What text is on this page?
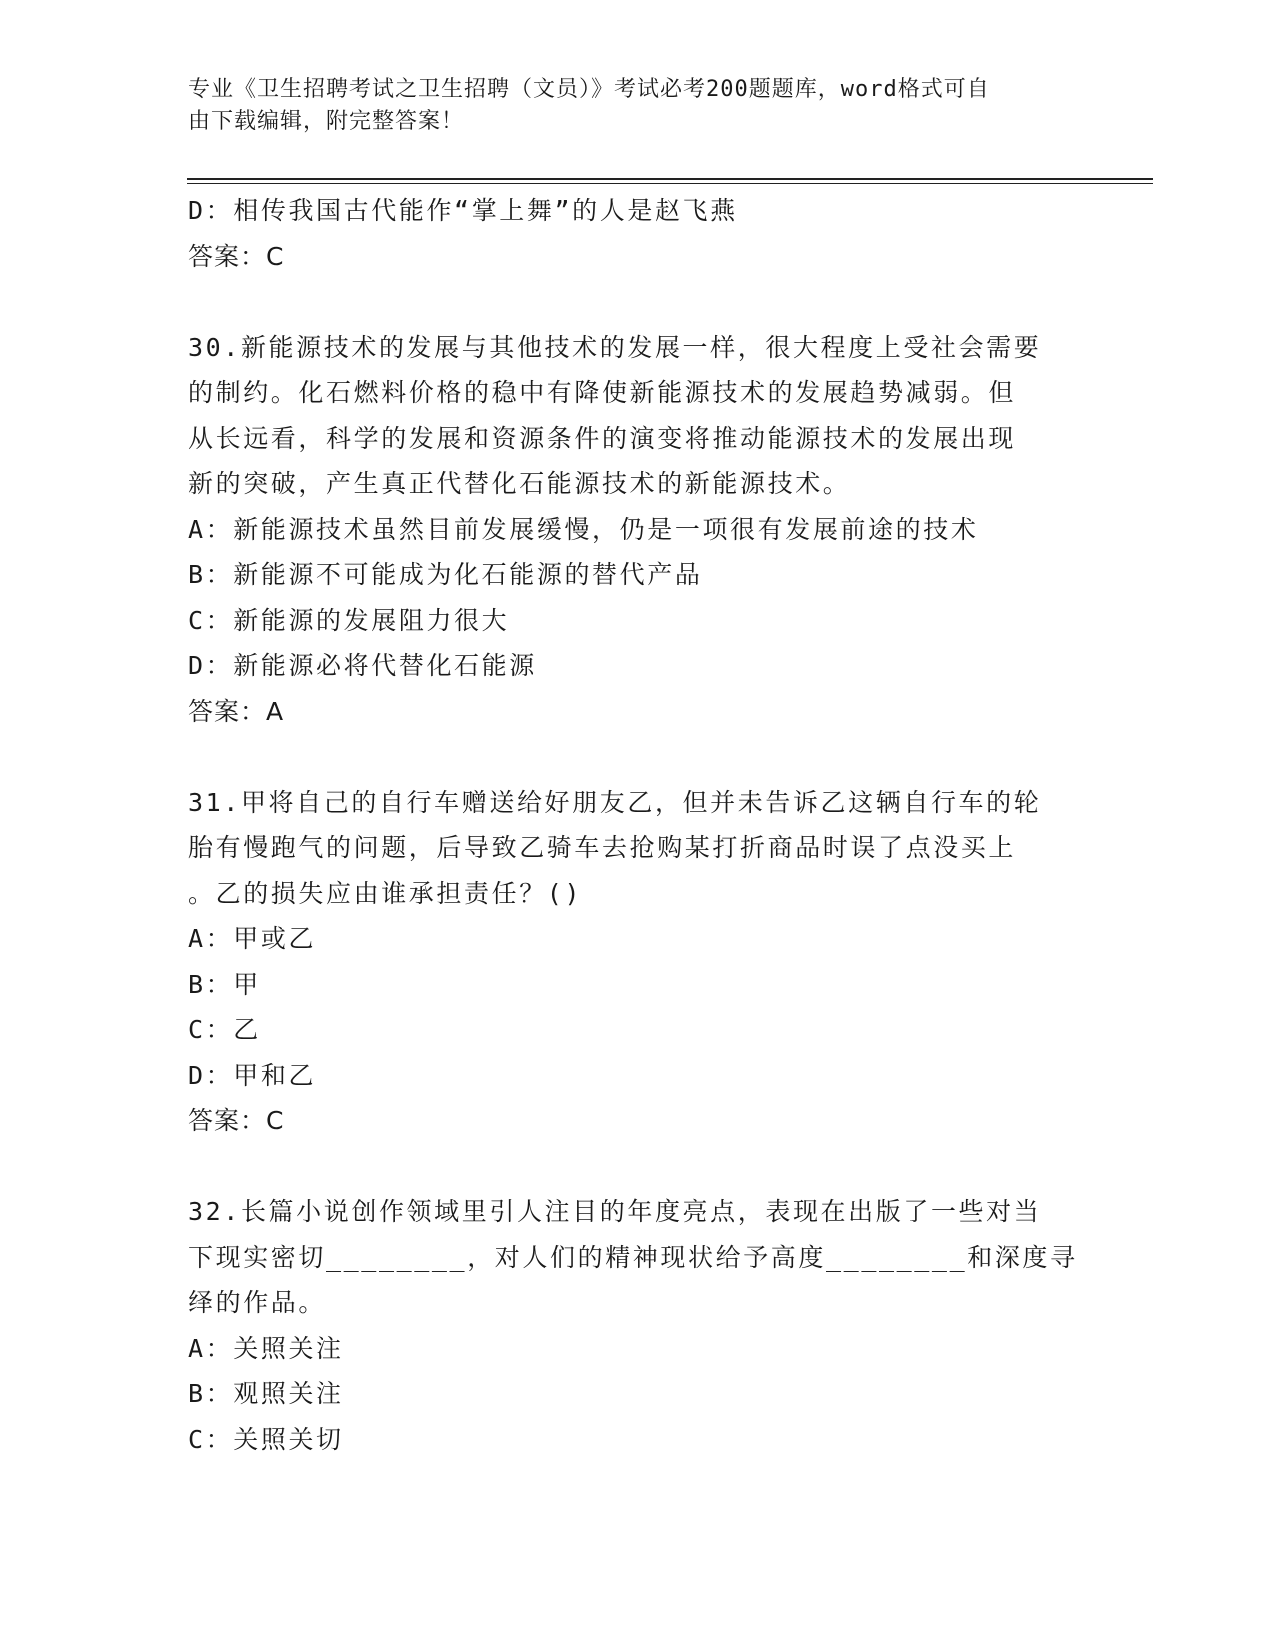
专业《卫生招聘考试之卫生招聘（文员）》考试必考200题题库，word格式可自
由下载编辑，附完整答案！
D：相传我国古代能作“掌上舞”的人是赵飞燕
答案：C
30.新能源技术的发展与其他技术的发展一样，很大程度上受社会需要
的制约。化石燃料价格的稳中有降使新能源技术的发展趋势减弱。但
从长远看，科学的发展和资源条件的演变将推动能源技术的发展出现
新的突破，产生真正代替化石能源技术的新能源技术。
A：新能源技术虽然目前发展缓慢，仍是一项很有发展前途的技术
B：新能源不可能成为化石能源的替代产品
C：新能源的发展阻力很大
D：新能源必将代替化石能源
答案：A
31.甲将自己的自行车赠送给好朋友乙，但并未告诉乙这辆自行车的轮
胎有慢跑气的问题，后导致乙骑车去抢购某打折商品时误了点没买上
。乙的损失应由谁承担责任？()
A：甲或乙
B：甲
C：乙
D：甲和乙
答案：C
32.长篇小说创作领域里引人注目的年度亮点，表现在出版了一些对当
下现实密切________，对人们的精神现状给予高度________和深度寻
绎的作品。
A：关照关注
B：观照关注
C：关照关切
